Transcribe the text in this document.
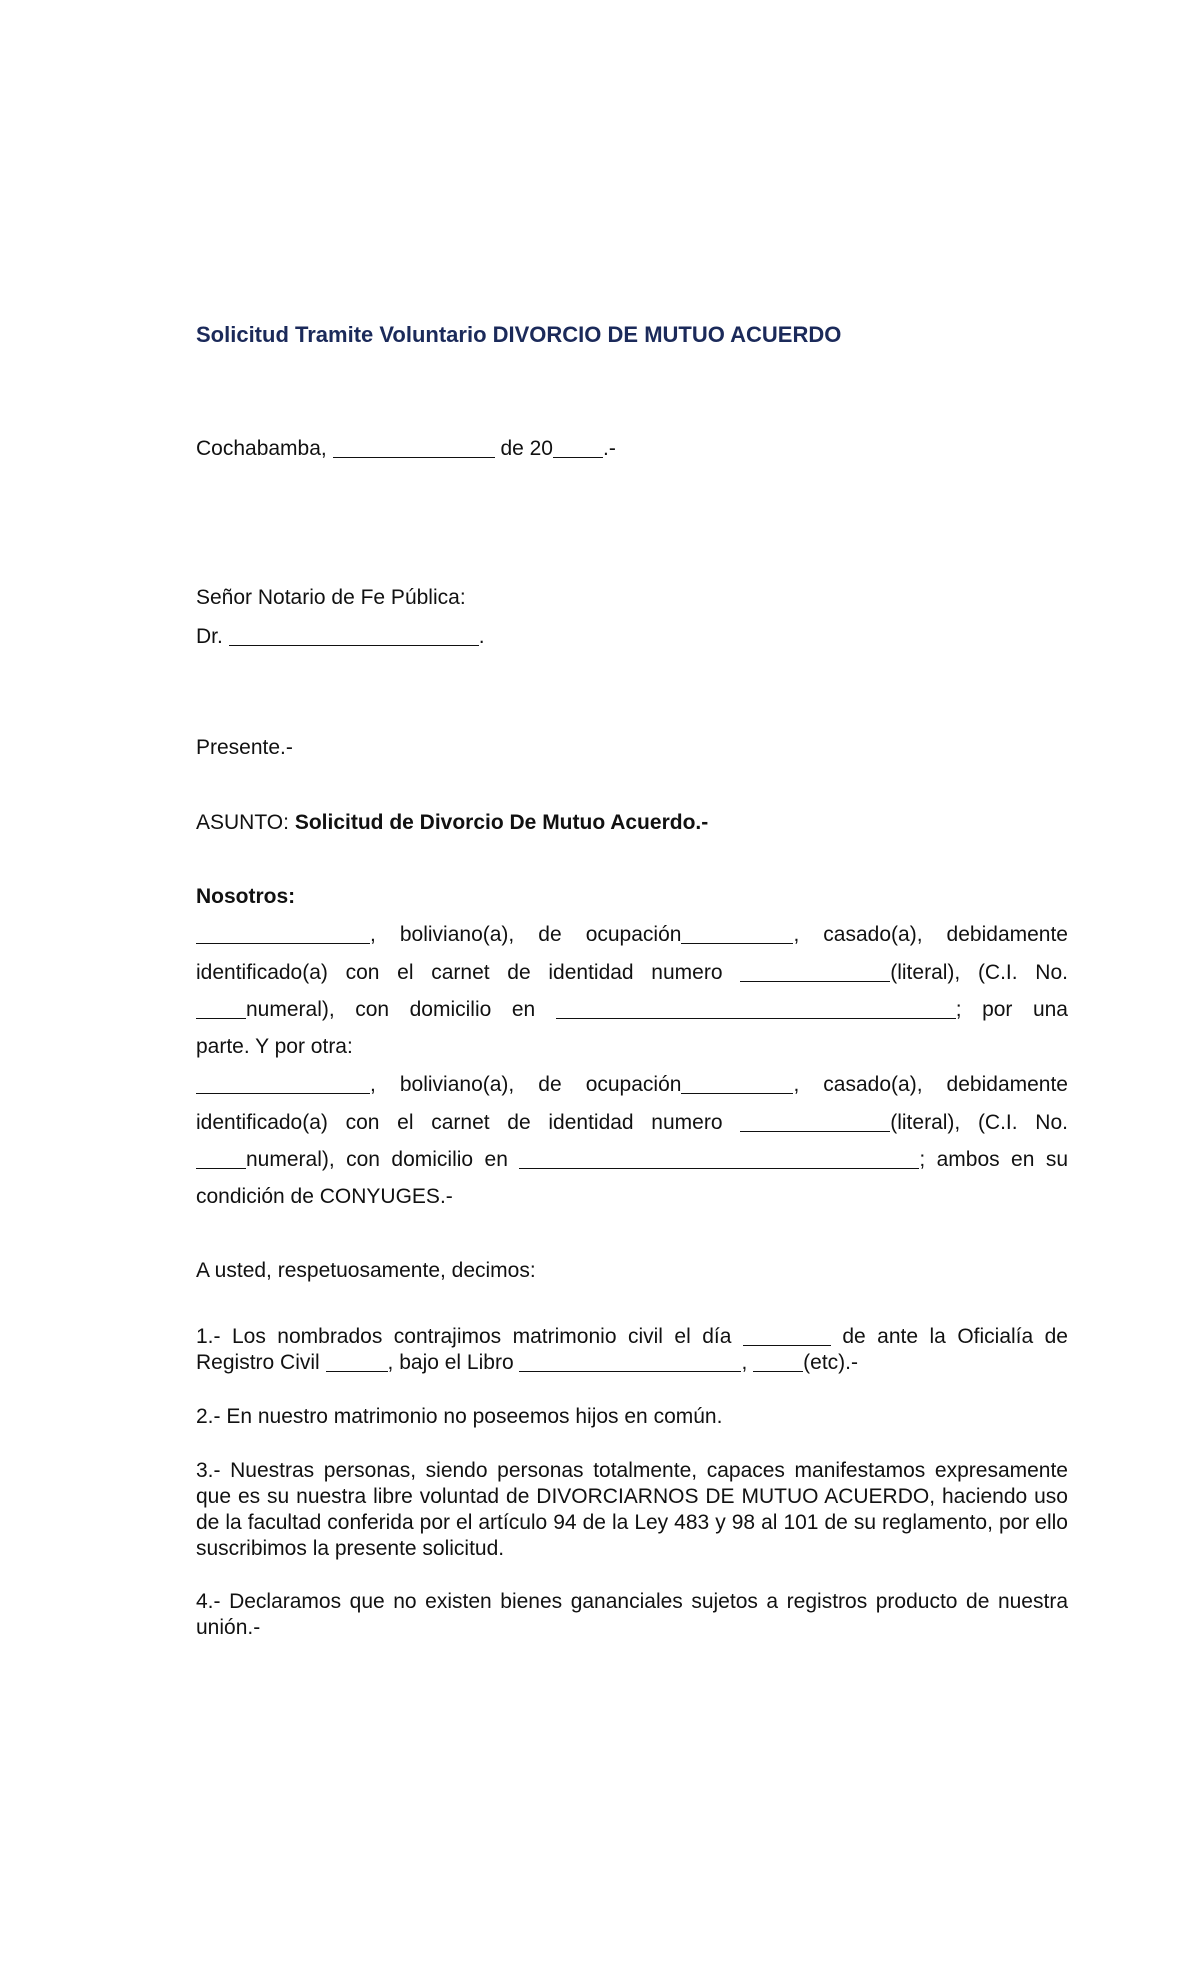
Solicitud Tramite Voluntario DIVORCIO DE MUTUO ACUERDO
Cochabamba,	de 20 .-
Señor Notario de Fe Pública:
Dr.	.
Presente.-
ASUNTO: Solicitud de Divorcio De Mutuo Acuerdo.-
Nosotros:
, boliviano(a), de ocupación	, casado(a), debidamente
identificado(a) con el carnet de identidad numero	(literal), (C.I. No.
numeral), con domicilio en	; por una
parte. Y por otra:
, boliviano(a), de ocupación	, casado(a), debidamente
identificado(a) con el carnet de identidad numero	(literal), (C.I. No.
numeral), con domicilio en	; ambos en su
condición de CONYUGES.-
A usted, respetuosamente, decimos:
1.- Los nombrados contrajimos matrimonio civil el día	de ante la Oficialía de Registro Civil	, bajo el Libro	,	(etc).-
2.- En nuestro matrimonio no poseemos hijos en común.
3.- Nuestras personas, siendo personas totalmente, capaces manifestamos expresamente que es su nuestra libre voluntad de DIVORCIARNOS DE MUTUO ACUERDO, haciendo uso de la facultad conferida por el artículo 94 de la Ley 483 y 98 al 101 de su reglamento, por ello suscribimos la presente solicitud.
4.- Declaramos que no existen bienes gananciales sujetos a registros producto de nuestra unión.-
